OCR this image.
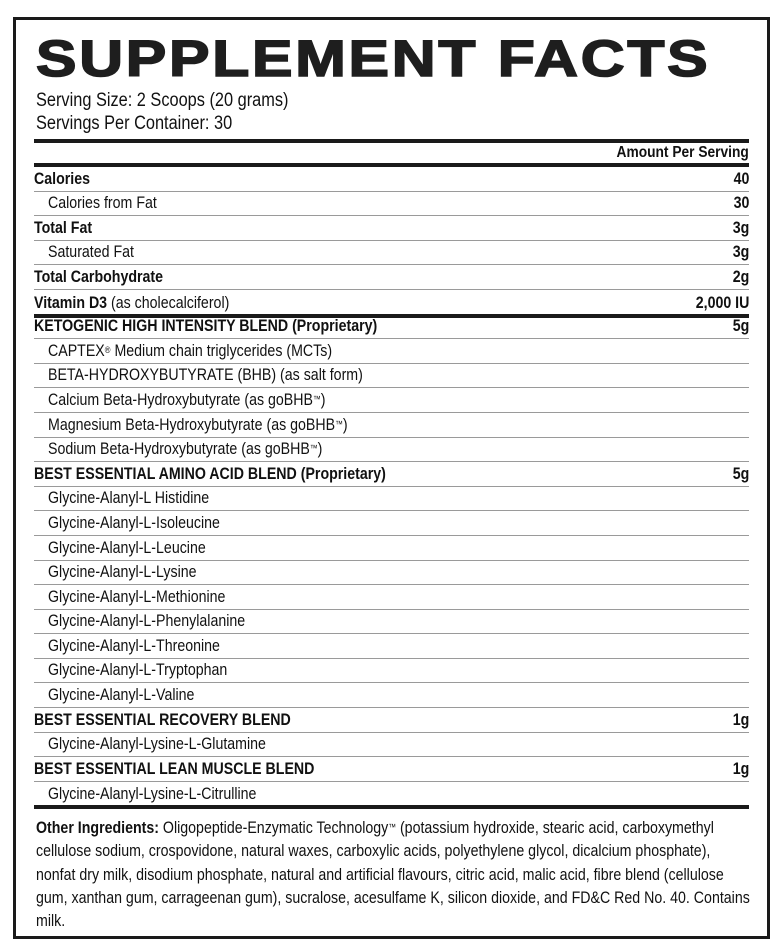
SUPPLEMENT FACTS
Serving Size: 2 Scoops (20 grams)
Servings Per Container: 30
Amount Per Serving
Calories	40
Calories from Fat	30
Total Fat	3g
Saturated Fat	3g
Total Carbohydrate	2g
Vitamin D3 (as cholecalciferol)	2,000 IU
KETOGENIC HIGH INTENSITY BLEND (Proprietary)	5g
CAPTEX® Medium chain triglycerides (MCTs)
BETA-HYDROXYBUTYRATE (BHB) (as salt form)
Calcium Beta-Hydroxybutyrate (as goBHB™)
Magnesium Beta-Hydroxybutyrate (as goBHB™)
Sodium Beta-Hydroxybutyrate (as goBHB™)
BEST ESSENTIAL AMINO ACID BLEND (Proprietary)	5g
Glycine-Alanyl-L Histidine
Glycine-Alanyl-L-Isoleucine
Glycine-Alanyl-L-Leucine
Glycine-Alanyl-L-Lysine
Glycine-Alanyl-L-Methionine
Glycine-Alanyl-L-Phenylalanine
Glycine-Alanyl-L-Threonine
Glycine-Alanyl-L-Tryptophan
Glycine-Alanyl-L-Valine
BEST ESSENTIAL RECOVERY BLEND	1g
Glycine-Alanyl-Lysine-L-Glutamine
BEST ESSENTIAL LEAN MUSCLE BLEND	1g
Glycine-Alanyl-Lysine-L-Citrulline
Other Ingredients: Oligopeptide-Enzymatic Technology™ (potassium hydroxide, stearic acid, carboxymethyl cellulose sodium, crospovidone, natural waxes, carboxylic acids, polyethylene glycol, dicalcium phosphate), nonfat dry milk, disodium phosphate, natural and artificial flavours, citric acid, malic acid, fibre blend (cellulose gum, xanthan gum, carrageenan gum), sucralose, acesulfame K, silicon dioxide, and FD&C Red No. 40. Contains milk.
